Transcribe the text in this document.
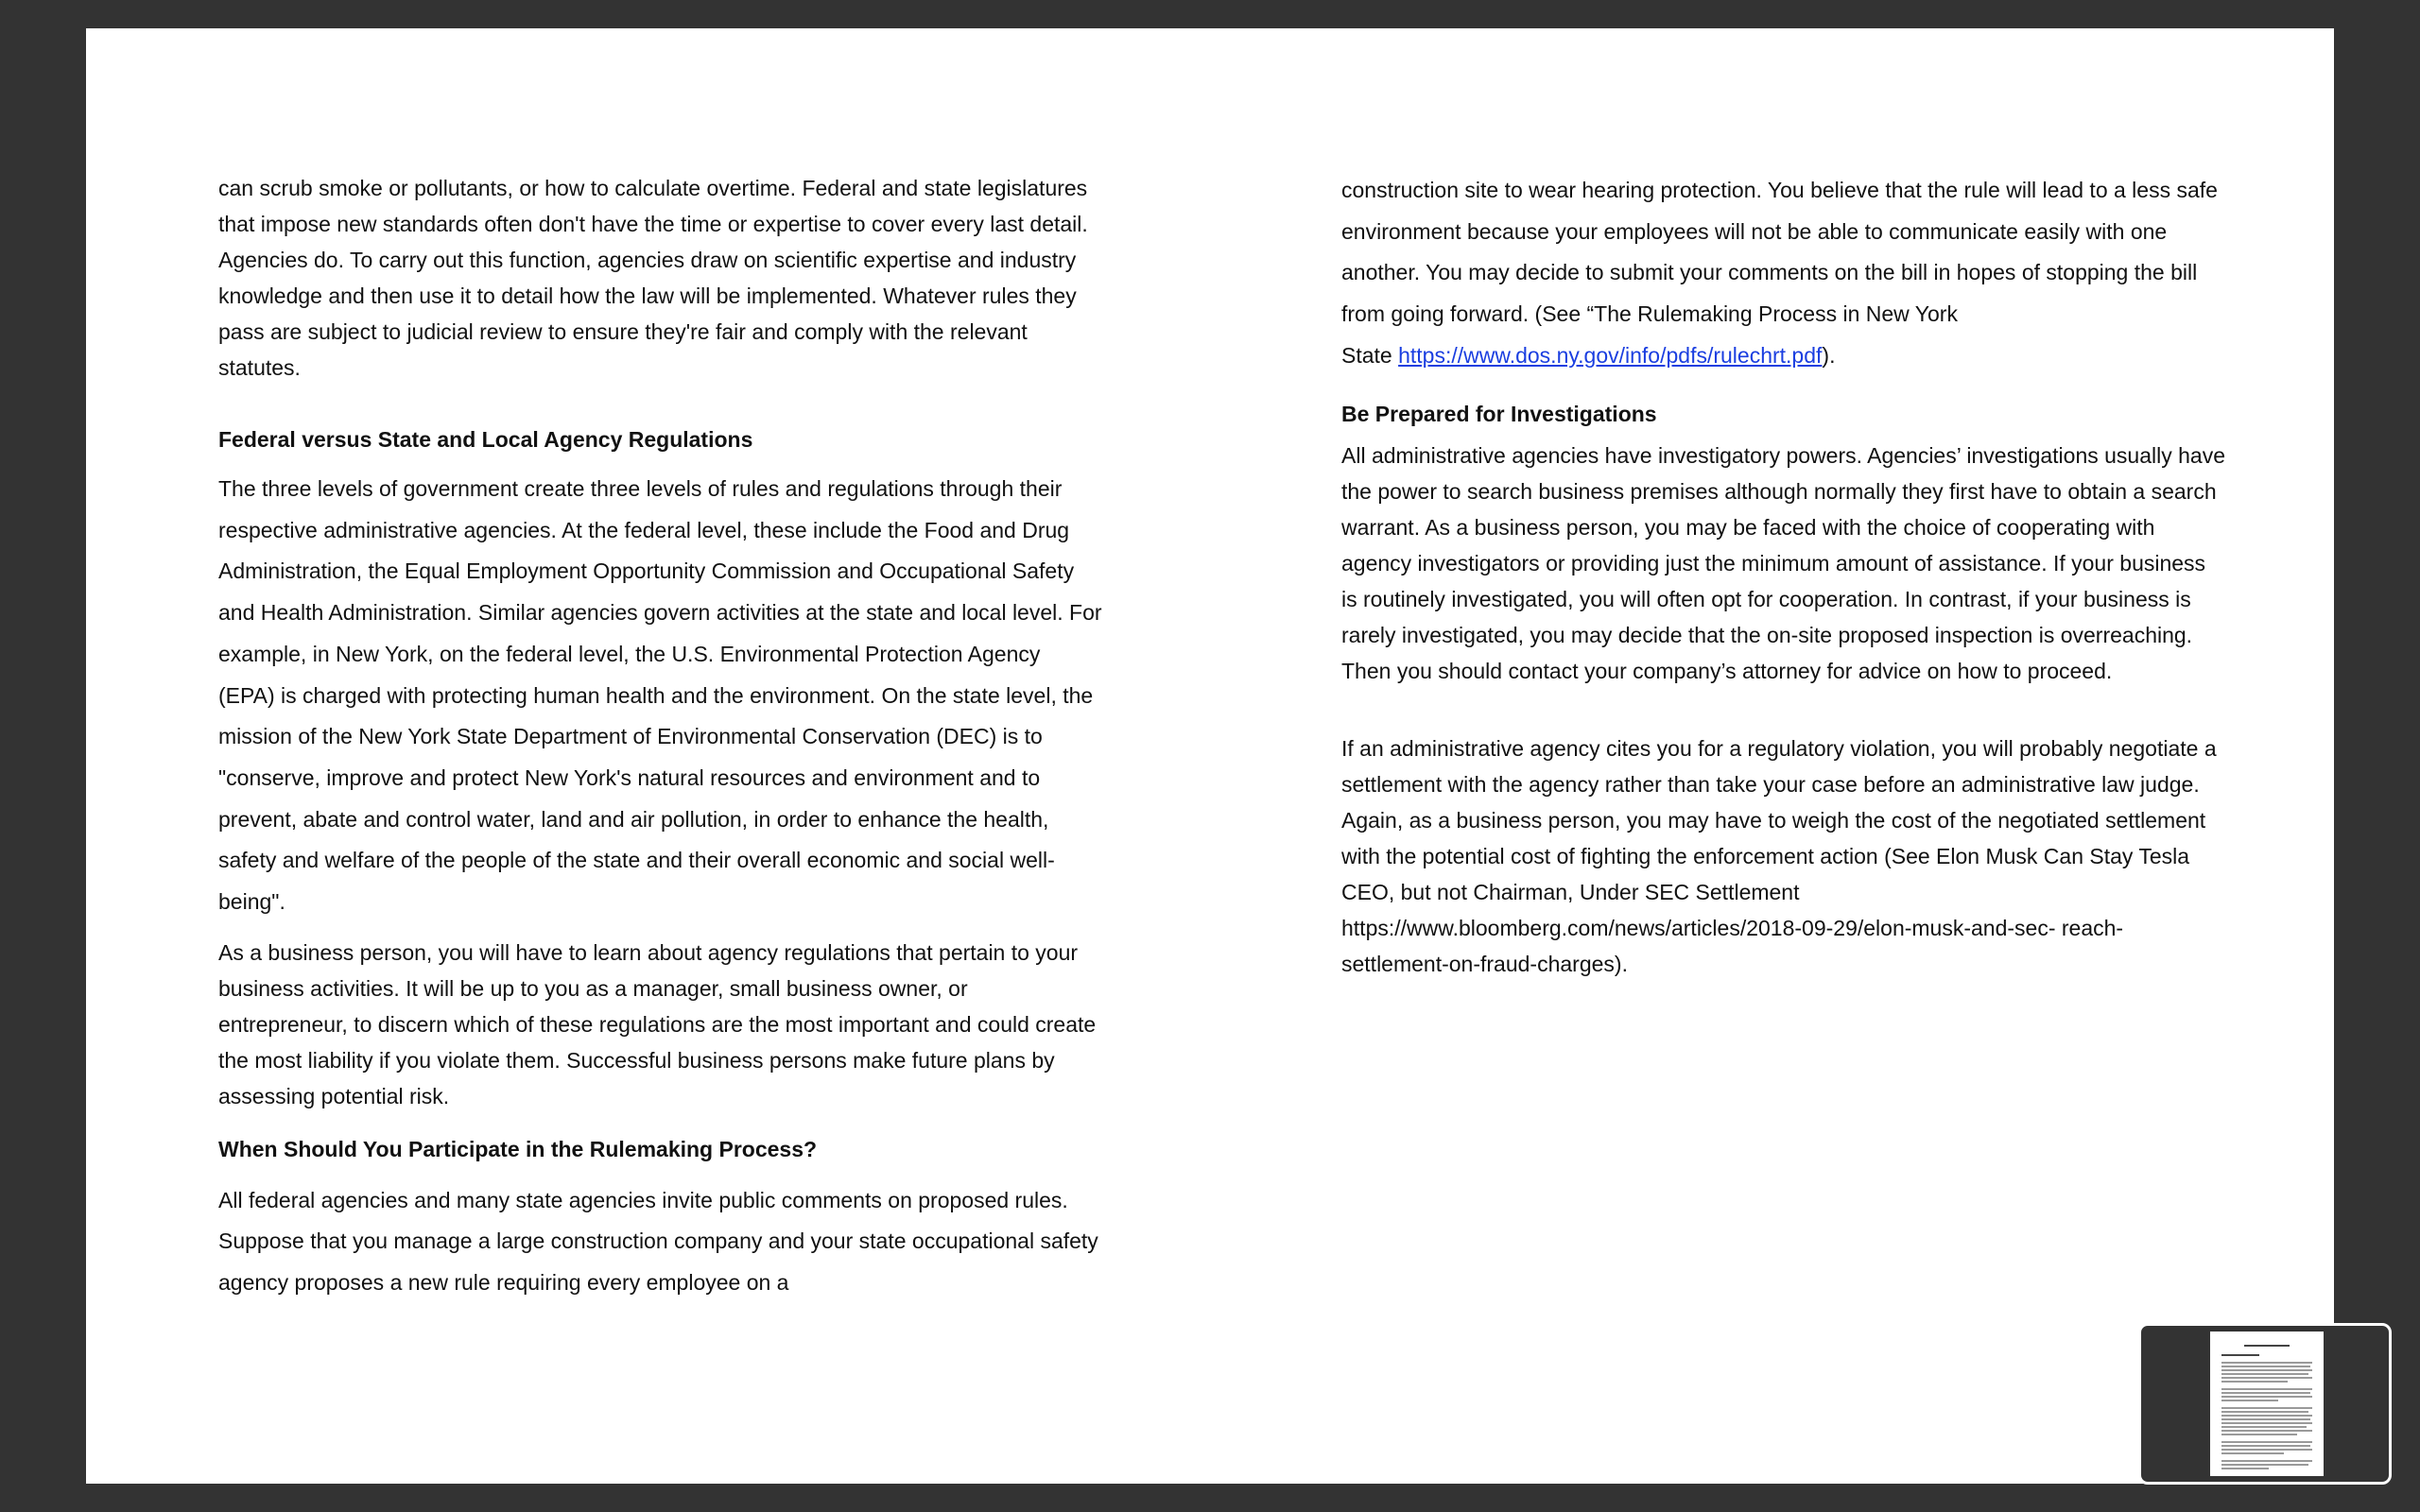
can scrub smoke or pollutants, or how to calculate overtime. Federal and state legislatures that impose new standards often don't have the time or expertise to cover every last detail. Agencies do. To carry out this function, agencies draw on scientific expertise and industry knowledge and then use it to detail how the law will be implemented. Whatever rules they pass are subject to judicial review to ensure they're fair and comply with the relevant statutes.

Federal versus State and Local Agency Regulations

The three levels of government create three levels of rules and regulations through their respective administrative agencies. At the federal level, these include the Food and Drug Administration, the Equal Employment Opportunity Commission and Occupational Safety and Health Administration. Similar agencies govern activities at the state and local level. For example, in New York, on the federal level, the U.S. Environmental Protection Agency (EPA) is charged with protecting human health and the environment. On the state level, the mission of the New York State Department of Environmental Conservation (DEC) is to "conserve, improve and protect New York's natural resources and environment and to prevent, abate and control water, land and air pollution, in order to enhance the health, safety and welfare of the people of the state and their overall economic and social well-being".

As a business person, you will have to learn about agency regulations that pertain to your business activities. It will be up to you as a manager, small business owner, or entrepreneur, to discern which of these regulations are the most important and could create the most liability if you violate them. Successful business persons make future plans by assessing potential risk.

When Should You Participate in the Rulemaking Process?

All federal agencies and many state agencies invite public comments on proposed rules. Suppose that you manage a large construction company and your state occupational safety agency proposes a new rule requiring every employee on a

construction site to wear hearing protection. You believe that the rule will lead to a less safe environment because your employees will not be able to communicate easily with one another. You may decide to submit your comments on the bill in hopes of stopping the bill from going forward. (See “The Rulemaking Process in New York
State https://www.dos.ny.gov/info/pdfs/rulechrt.pdf).

Be Prepared for Investigations

All administrative agencies have investigatory powers. Agencies’ investigations usually have the power to search business premises although normally they first have to obtain a search warrant. As a business person, you may be faced with the choice of cooperating with agency investigators or providing just the minimum amount of assistance. If your business is routinely investigated, you will often opt for cooperation. In contrast, if your business is rarely investigated, you may decide that the on-site proposed inspection is overreaching. Then you should contact your company’s attorney for advice on how to proceed.

If an administrative agency cites you for a regulatory violation, you will probably negotiate a settlement with the agency rather than take your case before an administrative law judge. Again, as a business person, you may have to weigh the cost of the negotiated settlement with the potential cost of fighting the enforcement action (See Elon Musk Can Stay Tesla CEO, but not Chairman, Under SEC Settlement https://www.bloomberg.com/news/articles/2018-09-29/elon-musk-and-sec- reach-settlement-on-fraud-charges).
